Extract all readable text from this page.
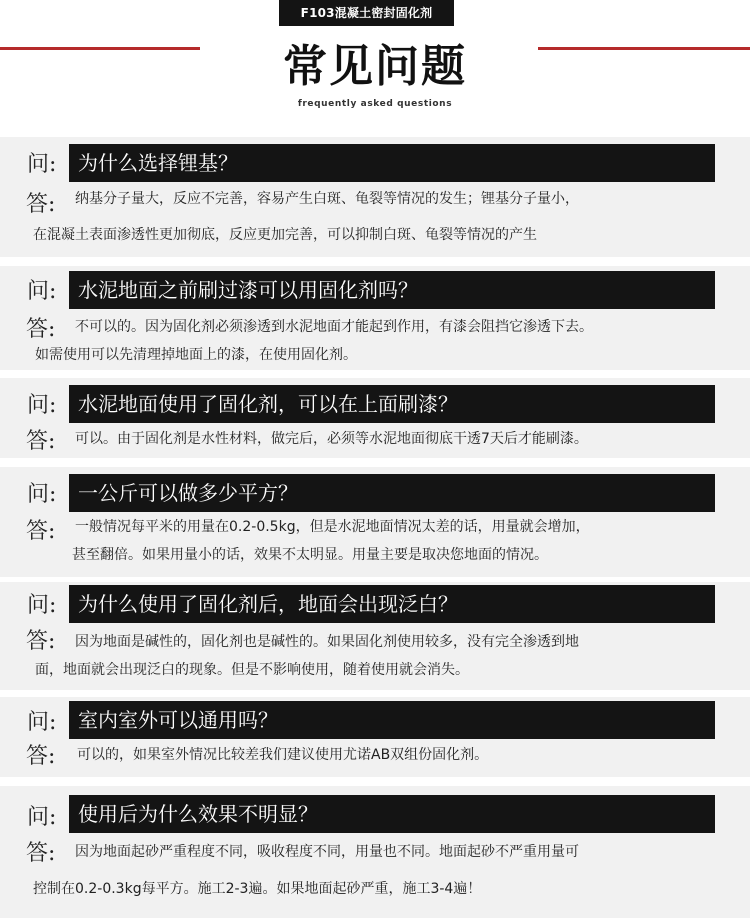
F103混凝土密封固化剂
常见问题
frequently asked questions
问:	为什么选择锂基？
答: 纳基分子量大，反应不完善，容易产生白斑、龟裂等情况的发生；锂基分子量小，
在混凝土表面渗透性更加彻底，反应更加完善，可以抑制白斑、龟裂等情况的产生
问:	水泥地面之前刷过漆可以用固化剂吗？
答: 不可以的。因为固化剂必须渗透到水泥地面才能起到作用，有漆会阻挡它渗透下去。
如需使用可以先清理掉地面上的漆，在使用固化剂。
问:	水泥地面使用了固化剂，可以在上面刷漆？
答: 可以。由于固化剂是水性材料，做完后，必须等水泥地面彻底干透7天后才能刷漆。
问:	一公斤可以做多少平方？
答: 一般情况每平米的用量在0.2-0.5kg，但是水泥地面情况太差的话，用量就会增加，
甚至翻倍。如果用量小的话，效果不太明显。用量主要是取决您地面的情况。
问:	为什么使用了固化剂后，地面会出现泛白？
答: 因为地面是碱性的，固化剂也是碱性的。如果固化剂使用较多，没有完全渗透到地
面，地面就会出现泛白的现象。但是不影响使用，随着使用就会消失。
问:	室内室外可以通用吗？
答: 可以的，如果室外情况比较差我们建议使用尤诺AB双组份固化剂。
问:	使用后为什么效果不明显？
答: 因为地面起砂严重程度不同，吸收程度不同，用量也不同。地面起砂不严重用量可
控制在0.2-0.3kg每平方。施工2-3遍。如果地面起砂严重，施工3-4遍！
